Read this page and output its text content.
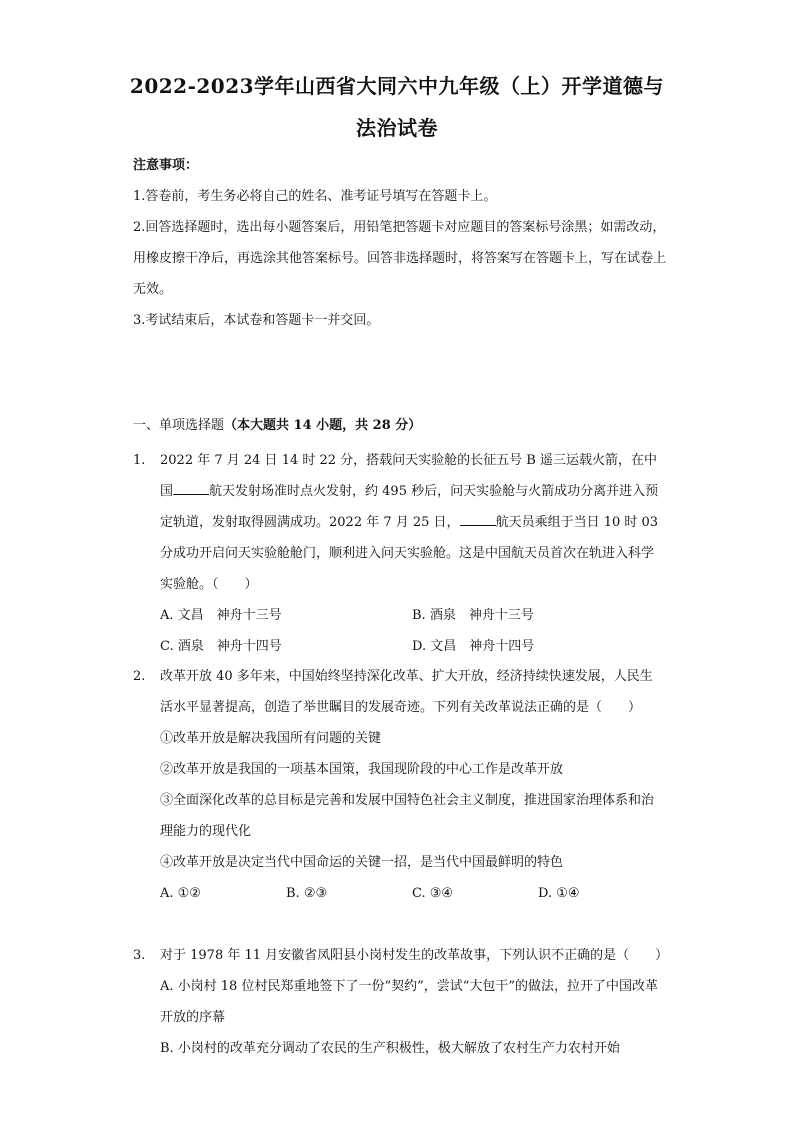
2022-2023学年山西省大同六中九年级（上）开学道德与
法治试卷

注意事项：

1.答卷前，考生务必将自己的姓名、准考证号填写在答题卡上。

2.回答选择题时，选出每小题答案后，用铅笔把答题卡对应题目的答案标号涂黑；如需改动，用橡皮擦干净后，再选涂其他答案标号。回答非选择题时，将答案写在答题卡上，写在试卷上无效。

3.考试结束后，本试卷和答题卡一并交回。

一、单项选择题（本大题共 14 小题，共 28 分）
1. 2022 年 7 月 24 日 14 时 22 分，搭载问天实验舱的长征五号 B 遥三运载火箭，在中国	航天发射场准时点火发射，约 495 秒后，问天实验舱与火箭成功分离并进入预定轨道，发射取得圆满成功。2022 年 7 月 25 日，	航天员乘组于当日 10 时 03 分成功开启问天实验舱舱门，顺利进入问天实验舱。这是中国航天员首次在轨进入科学实验舱。（　　）

A. 文昌　神舟十三号	B. 酒泉　神舟十三号
C. 酒泉　神舟十四号	D. 文昌　神舟十四号
2. 改革开放 40 多年来，中国始终坚持深化改革、扩大开放，经济持续快速发展，人民生活水平显著提高，创造了举世瞩目的发展奇迹。下列有关改革说法正确的是（　　）

①改革开放是解决我国所有问题的关键

②改革开放是我国的一项基本国策，我国现阶段的中心工作是改革开放

③全面深化改革的总目标是完善和发展中国特色社会主义制度，推进国家治理体系和治理能力的现代化

④改革开放是决定当代中国命运的关键一招，是当代中国最鲜明的特色

A. ①②	B. ②③	C. ③④	D. ①④
3. 对于 1978 年 11 月安徽省凤阳县小岗村发生的改革故事，下列认识不正确的是（　　）

A. 小岗村 18 位村民郑重地签下了一份“契约”，尝试“大包干”的做法，拉开了中国改革开放的序幕

B. 小岗村的改革充分调动了农民的生产积极性，极大解放了农村生产力农村开始
